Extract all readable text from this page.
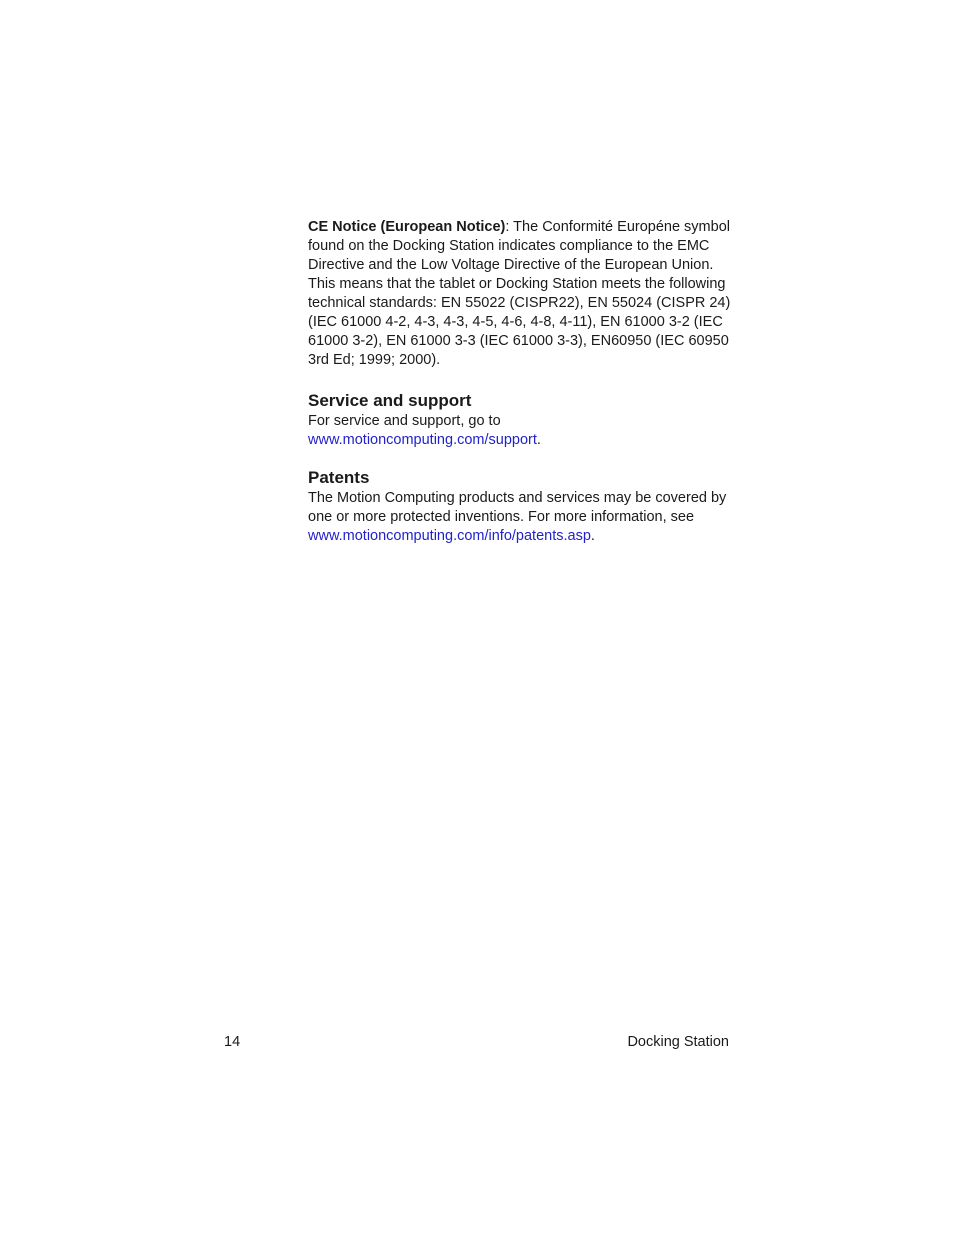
CE Notice (European Notice): The Conformité Européne symbol found on the Docking Station indicates compliance to the EMC Directive and the Low Voltage Directive of the European Union. This means that the tablet or Docking Station meets the following technical standards: EN 55022 (CISPR22), EN 55024 (CISPR 24) (IEC 61000 4-2, 4-3, 4-3, 4-5, 4-6, 4-8, 4-11), EN 61000 3-2 (IEC 61000 3-2), EN 61000 3-3 (IEC 61000 3-3), EN60950 (IEC 60950 3rd Ed; 1999; 2000).

Service and support

For service and support, go to
www.motioncomputing.com/support.

Patents

The Motion Computing products and services may be covered by one or more protected inventions. For more information, see www.motioncomputing.com/info/patents.asp.

14	Docking Station
